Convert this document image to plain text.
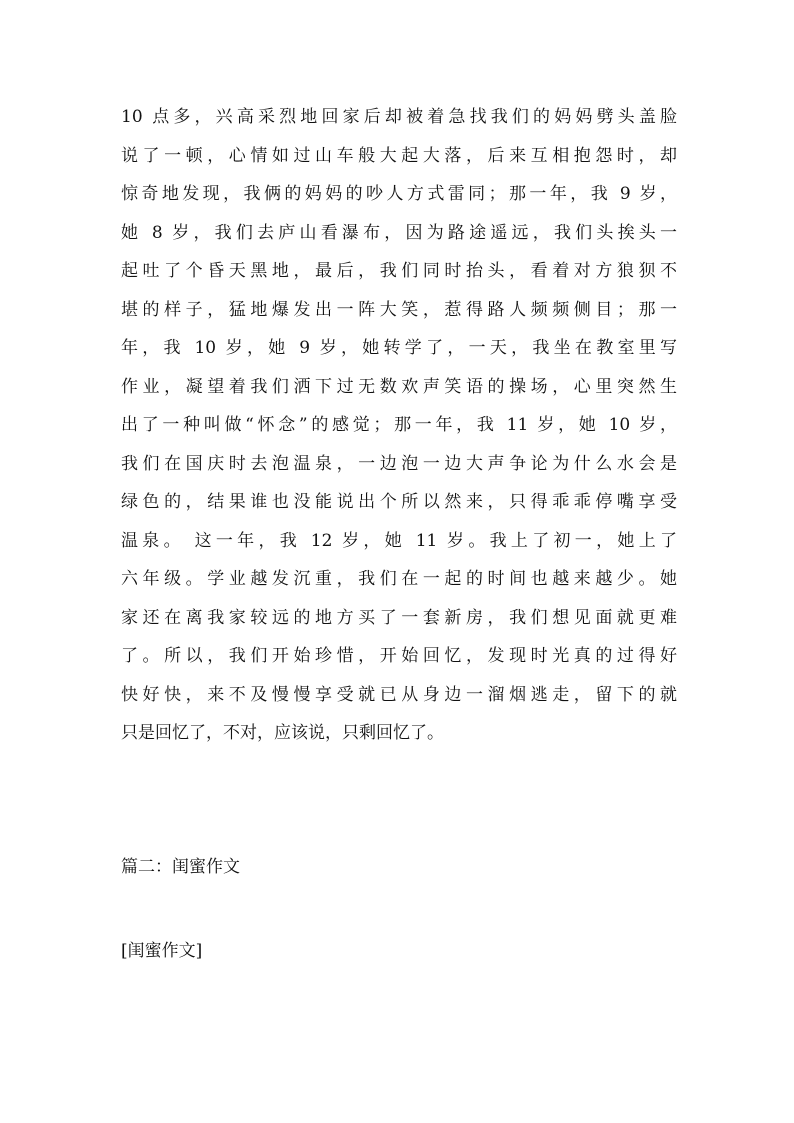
10 点多，兴高采烈地回家后却被着急找我们的妈妈劈头盖脸
说了一顿，心情如过山车般大起大落，后来互相抱怨时，却
惊奇地发现，我俩的妈妈的吵人方式雷同；那一年，我 9 岁，
她 8 岁，我们去庐山看瀑布，因为路途遥远，我们头挨头一
起吐了个昏天黑地，最后，我们同时抬头，看着对方狼狈不
堪的样子，猛地爆发出一阵大笑，惹得路人频频侧目；那一
年，我 10 岁，她 9 岁，她转学了，一天，我坐在教室里写
作业，凝望着我们洒下过无数欢声笑语的操场，心里突然生
出了一种叫做“怀念”的感觉；那一年，我 11 岁，她 10 岁，
我们在国庆时去泡温泉，一边泡一边大声争论为什么水会是
绿色的，结果谁也没能说出个所以然来，只得乖乖停嘴享受
温泉。 这一年，我 12 岁，她 11 岁。我上了初一，她上了
六年级。学业越发沉重，我们在一起的时间也越来越少。她
家还在离我家较远的地方买了一套新房，我们想见面就更难
了。所以，我们开始珍惜，开始回忆，发现时光真的过得好
快好快，来不及慢慢享受就已从身边一溜烟逃走，留下的就
只是回忆了，不对，应该说，只剩回忆了。
篇二：闺蜜作文
[闺蜜作文]
